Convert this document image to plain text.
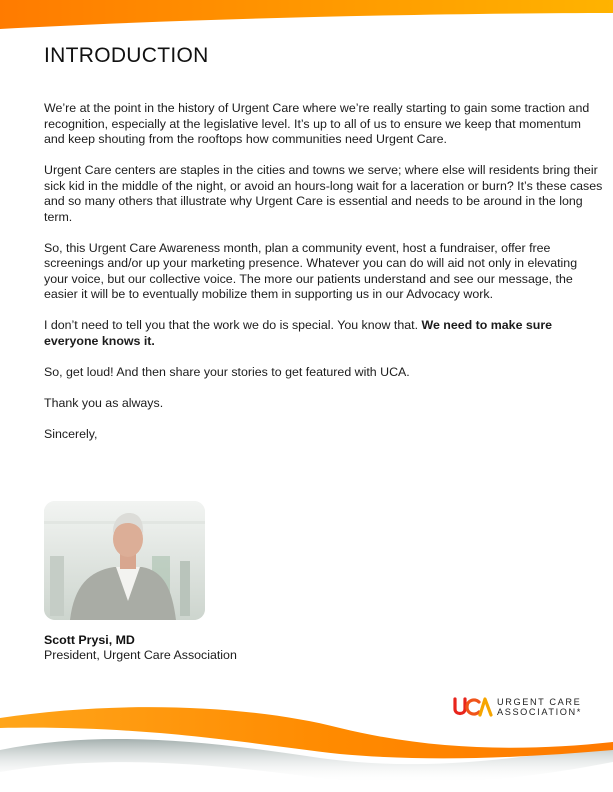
INTRODUCTION

We’re at the point in the history of Urgent Care where we’re really starting to gain some traction and recognition, especially at the legislative level. It’s up to all of us to ensure we keep that momentum and keep shouting from the rooftops how communities need Urgent Care.

Urgent Care centers are staples in the cities and towns we serve; where else will residents bring their sick kid in the middle of the night, or avoid an hours-long wait for a laceration or burn? It’s these cases and so many others that illustrate why Urgent Care is essential and needs to be around in the long term.

So, this Urgent Care Awareness month, plan a community event, host a fundraiser, offer free screenings and/or up your marketing presence. Whatever you can do will aid not only in elevating your voice, but our collective voice. The more our patients understand and see our message, the easier it will be to eventually mobilize them in supporting us in our Advocacy work.

I don’t need to tell you that the work we do is special. You know that. We need to make sure everyone knows it.

So, get loud! And then share your stories to get featured with UCA.

Thank you as always.

Sincerely,

Scott Prysi, MD
President, Urgent Care Association
URGENT CARE
ASSOCIATION*
